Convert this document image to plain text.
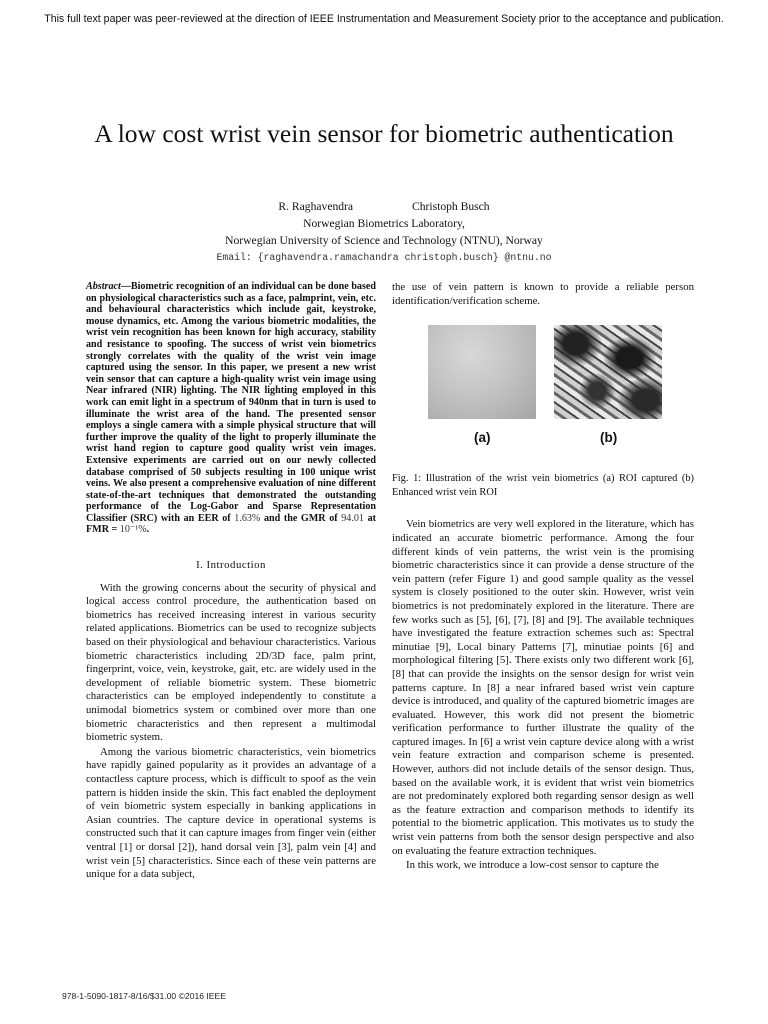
This full text paper was peer-reviewed at the direction of IEEE Instrumentation and Measurement Society prior to the acceptance and publication.
A low cost wrist vein sensor for biometric authentication
R. Raghavendra	Christoph Busch
Norwegian Biometrics Laboratory,
Norwegian University of Science and Technology (NTNU), Norway
Email: {raghavendra.ramachandra christoph.busch} @ntnu.no

Abstract—Biometric recognition of an individual can be done based on physiological characteristics such as a face, palmprint, vein, etc. and behavioural characteristics which include gait, keystroke, mouse dynamics, etc. Among the various biometric modalities, the wrist vein recognition has been known for high accuracy, stability and resistance to spoofing. The success of wrist vein biometrics strongly correlates with the quality of the wrist vein image captured using the sensor. In this paper, we present a new wrist vein sensor that can capture a high-quality wrist vein image using Near infrared (NIR) lighting. The NIR lighting employed in this work can emit light in a spectrum of 940nm that in turn is used to illuminate the wrist area of the hand. The presented sensor employs a single camera with a simple physical structure that will further improve the quality of the light to properly illuminate the wrist hand region to capture good quality wrist vein images. Extensive experiments are carried out on our newly collected database comprised of 50 subjects resulting in 100 unique wrist veins. We also present a comprehensive evaluation of nine different state-of-the-art techniques that demonstrated the outstanding performance of the Log-Gabor and Sparse Representation Classifier (SRC) with an EER of 1.63% and the GMR of 94.01 at FMR = 10⁻¹%.

I. Introduction

With the growing concerns about the security of physical and logical access control procedure, the authentication based on biometrics has received increasing interest in various security related applications. Biometrics can be used to recognize subjects based on their physiological and behaviour characteristics. Various biometric characteristics including 2D/3D face, palm print, fingerprint, voice, vein, keystroke, gait, etc. are widely used in the development of reliable biometric system. These biometric characteristics can be employed independently to constitute a unimodal biometrics system or combined over more than one biometric characteristics and then represent a multimodal biometric system.

Among the various biometric characteristics, vein biometrics have rapidly gained popularity as it provides an advantage of a contactless capture process, which is difficult to spoof as the vein pattern is hidden inside the skin. This fact enabled the deployment of vein biometric system especially in banking applications in Asian countries. The capture device in operational systems is constructed such that it can capture images from finger vein (either ventral [1] or dorsal [2]), hand dorsal vein [3], palm vein [4] and wrist vein [5] characteristics. Since each of these vein patterns are unique for a data subject,

the use of vein pattern is known to provide a reliable person identification/verification scheme.

(a)	(b)

Fig. 1: Illustration of the wrist vein biometrics (a) ROI captured (b) Enhanced wrist vein ROI

Vein biometrics are very well explored in the literature, which has indicated an accurate biometric performance. Among the four different kinds of vein patterns, the wrist vein is the promising biometric characteristics since it can provide a dense structure of the vein pattern (refer Figure 1) and good sample quality as the vessel system is closely positioned to the outer skin. However, wrist vein biometrics is not predominately explored in the literature. There are few works such as [5], [6], [7], [8] and [9]. The available techniques have investigated the feature extraction schemes such as: Spectral minutiae [9], Local binary Patterns [7], minutiae points [6] and morphological filtering [5]. There exists only two different work [6], [8] that can provide the insights on the sensor design for wrist vein patterns capture. In [8] a near infrared based wrist vein capture device is introduced, and quality of the captured biometric images are evaluated. However, this work did not present the biometric verification performance to further illustrate the quality of the captured images. In [6] a wrist vein capture device along with a wrist vein feature extraction and comparison scheme is presented. However, authors did not include details of the sensor design. Thus, based on the available work, it is evident that wrist vein biometrics are not predominately explored both regarding sensor design as well as the feature extraction and comparison methods to identify its potential to the biometric application. This motivates us to study the wrist vein patterns from both the sensor design perspective and also on evaluating the feature extraction techniques.

In this work, we introduce a low-cost sensor to capture the

978-1-5090-1817-8/16/$31.00 ©2016 IEEE
